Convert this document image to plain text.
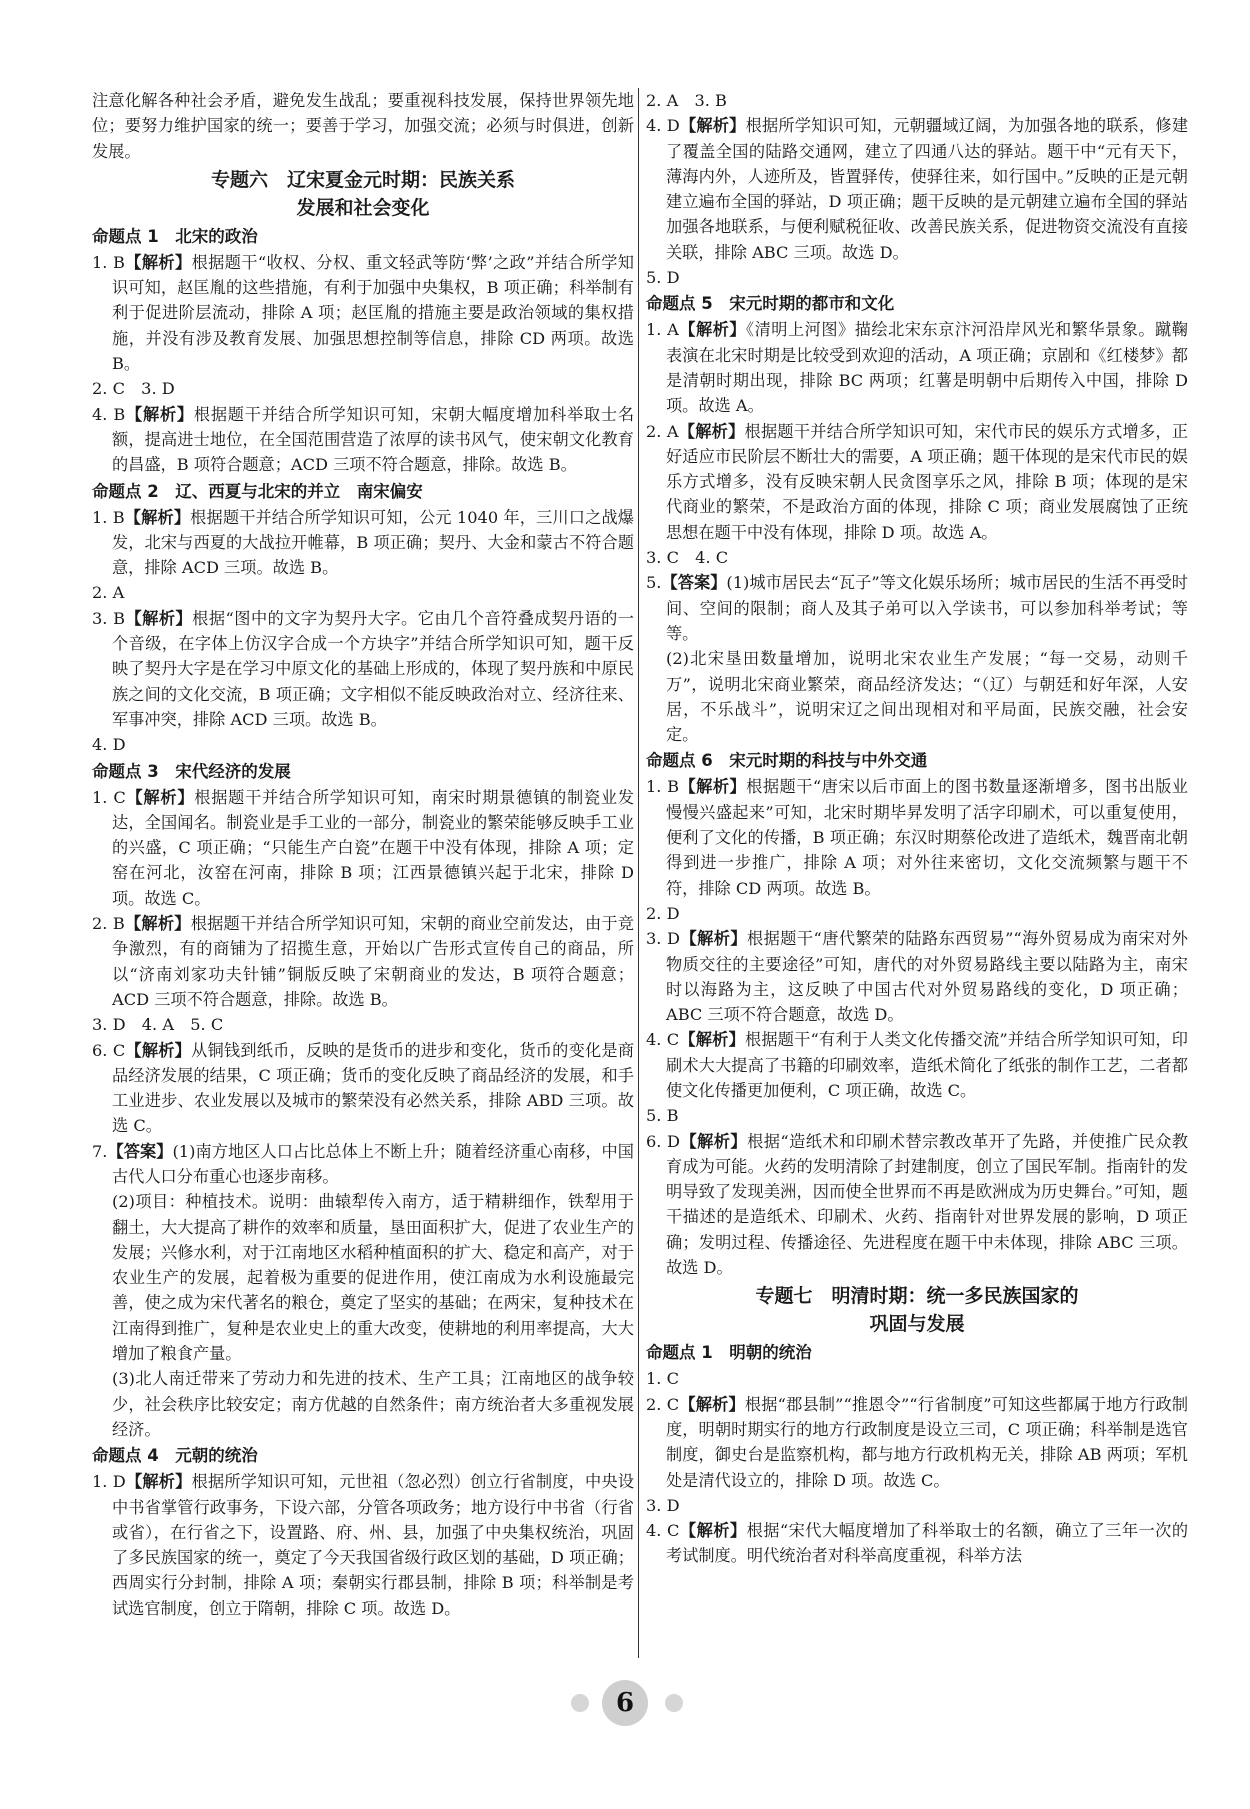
注意化解各种社会矛盾，避免发生战乱；要重视科技发展，保持世界领先地位；要努力维护国家的统一；要善于学习，加强交流；必须与时俱进，创新发展。

专题六　辽宋夏金元时期：民族关系
发展和社会变化
命题点 1　北宋的政治

1. B【解析】根据题干“收权、分权、重文轻武等防‘弊’之政”并结合所学知识可知，赵匡胤的这些措施，有利于加强中央集权，B 项正确；科举制有利于促进阶层流动，排除 A 项；赵匡胤的措施主要是政治领域的集权措施，并没有涉及教育发展、加强思想控制等信息，排除 CD 两项。故选 B。

2. C　3. D

4. B【解析】根据题干并结合所学知识可知，宋朝大幅度增加科举取士名额，提高进士地位，在全国范围营造了浓厚的读书风气，使宋朝文化教育的昌盛，B 项符合题意；ACD 三项不符合题意，排除。故选 B。

命题点 2　辽、西夏与北宋的并立　南宋偏安

1. B【解析】根据题干并结合所学知识可知，公元 1040 年，三川口之战爆发，北宋与西夏的大战拉开帷幕，B 项正确；契丹、大金和蒙古不符合题意，排除 ACD 三项。故选 B。

2. A

3. B【解析】根据“图中的文字为契丹大字。它由几个音符叠成契丹语的一个音级，在字体上仿汉字合成一个方块字”并结合所学知识可知，题干反映了契丹大字是在学习中原文化的基础上形成的，体现了契丹族和中原民族之间的文化交流，B 项正确；文字相似不能反映政治对立、经济往来、军事冲突，排除 ACD 三项。故选 B。

4. D

命题点 3　宋代经济的发展

1. C【解析】根据题干并结合所学知识可知，南宋时期景德镇的制瓷业发达，全国闻名。制瓷业是手工业的一部分，制瓷业的繁荣能够反映手工业的兴盛，C 项正确；“只能生产白瓷”在题干中没有体现，排除 A 项；定窑在河北，汝窑在河南，排除 B 项；江西景德镇兴起于北宋，排除 D 项。故选 C。

2. B【解析】根据题干并结合所学知识可知，宋朝的商业空前发达，由于竞争激烈，有的商铺为了招揽生意，开始以广告形式宣传自己的商品，所以“济南刘家功夫针铺”铜版反映了宋朝商业的发达，B 项符合题意；ACD 三项不符合题意，排除。故选 B。

3. D　4. A　5. C

6. C【解析】从铜钱到纸币，反映的是货币的进步和变化，货币的变化是商品经济发展的结果，C 项正确；货币的变化反映了商品经济的发展，和手工业进步、农业发展以及城市的繁荣没有必然关系，排除 ABD 三项。故选 C。

7.【答案】(1)南方地区人口占比总体上不断上升；随着经济重心南移，中国古代人口分布重心也逐步南移。

(2)项目：种植技术。说明：曲辕犁传入南方，适于精耕细作，铁犁用于翻土，大大提高了耕作的效率和质量，垦田面积扩大，促进了农业生产的发展；兴修水利，对于江南地区水稻种植面积的扩大、稳定和高产，对于农业生产的发展，起着极为重要的促进作用，使江南成为水利设施最完善，使之成为宋代著名的粮仓，奠定了坚实的基础；在两宋，复种技术在江南得到推广，复种是农业史上的重大改变，使耕地的利用率提高，大大增加了粮食产量。

(3)北人南迁带来了劳动力和先进的技术、生产工具；江南地区的战争较少，社会秩序比较安定；南方优越的自然条件；南方统治者大多重视发展经济。

命题点 4　元朝的统治

1. D【解析】根据所学知识可知，元世祖（忽必烈）创立行省制度，中央设中书省掌管行政事务，下设六部，分管各项政务；地方设行中书省（行省或省），在行省之下，设置路、府、州、县，加强了中央集权统治，巩固了多民族国家的统一，奠定了今天我国省级行政区划的基础，D 项正确；西周实行分封制，排除 A 项；秦朝实行郡县制，排除 B 项；科举制是考试选官制度，创立于隋朝，排除 C 项。故选 D。

2. A　3. B

4. D【解析】根据所学知识可知，元朝疆域辽阔，为加强各地的联系，修建了覆盖全国的陆路交通网，建立了四通八达的驿站。题干中“元有天下，薄海内外，人迹所及，皆置驿传，使驿往来，如行国中。”反映的正是元朝建立遍布全国的驿站，D 项正确；题干反映的是元朝建立遍布全国的驿站加强各地联系，与便利赋税征收、改善民族关系，促进物资交流没有直接关联，排除 ABC 三项。故选 D。

5. D

命题点 5　宋元时期的都市和文化

1. A【解析】《清明上河图》描绘北宋东京汴河沿岸风光和繁华景象。蹴鞠表演在北宋时期是比较受到欢迎的活动，A 项正确；京剧和《红楼梦》都是清朝时期出现，排除 BC 两项；红薯是明朝中后期传入中国，排除 D 项。故选 A。

2. A【解析】根据题干并结合所学知识可知，宋代市民的娱乐方式增多，正好适应市民阶层不断壮大的需要，A 项正确；题干体现的是宋代市民的娱乐方式增多，没有反映宋朝人民贪图享乐之风，排除 B 项；体现的是宋代商业的繁荣，不是政治方面的体现，排除 C 项；商业发展腐蚀了正统思想在题干中没有体现，排除 D 项。故选 A。

3. C　4. C

5.【答案】(1)城市居民去“瓦子”等文化娱乐场所；城市居民的生活不再受时间、空间的限制；商人及其子弟可以入学读书，可以参加科举考试；等等。

(2)北宋垦田数量增加，说明北宋农业生产发展；“每一交易，动则千万”，说明北宋商业繁荣，商品经济发达；“（辽）与朝廷和好年深，人安居，不乐战斗”，说明宋辽之间出现相对和平局面，民族交融，社会安定。

命题点 6　宋元时期的科技与中外交通

1. B【解析】根据题干“唐宋以后市面上的图书数量逐渐增多，图书出版业慢慢兴盛起来”可知，北宋时期毕昇发明了活字印刷术，可以重复使用，便利了文化的传播，B 项正确；东汉时期蔡伦改进了造纸术，魏晋南北朝得到进一步推广，排除 A 项；对外往来密切，文化交流频繁与题干不符，排除 CD 两项。故选 B。

2. D

3. D【解析】根据题干“唐代繁荣的陆路东西贸易”“海外贸易成为南宋对外物质交往的主要途径”可知，唐代的对外贸易路线主要以陆路为主，南宋时以海路为主，这反映了中国古代对外贸易路线的变化，D 项正确；ABC 三项不符合题意，故选 D。

4. C【解析】根据题干“有利于人类文化传播交流”并结合所学知识可知，印刷术大大提高了书籍的印刷效率，造纸术简化了纸张的制作工艺，二者都使文化传播更加便利，C 项正确，故选 C。

5. B

6. D【解析】根据“造纸术和印刷术替宗教改革开了先路，并使推广民众教育成为可能。火药的发明清除了封建制度，创立了国民军制。指南针的发明导致了发现美洲，因而使全世界而不再是欧洲成为历史舞台。”可知，题干描述的是造纸术、印刷术、火药、指南针对世界发展的影响，D 项正确；发明过程、传播途径、先进程度在题干中未体现，排除 ABC 三项。故选 D。

专题七　明清时期：统一多民族国家的
巩固与发展
命题点 1　明朝的统治

1. C

2. C【解析】根据“郡县制”“推恩令”“行省制度”可知这些都属于地方行政制度，明朝时期实行的地方行政制度是设立三司，C 项正确；科举制是选官制度，御史台是监察机构，都与地方行政机构无关，排除 AB 两项；军机处是清代设立的，排除 D 项。故选 C。

3. D

4. C【解析】根据“宋代大幅度增加了科举取士的名额，确立了三年一次的考试制度。明代统治者对科举高度重视，科举方法

6
